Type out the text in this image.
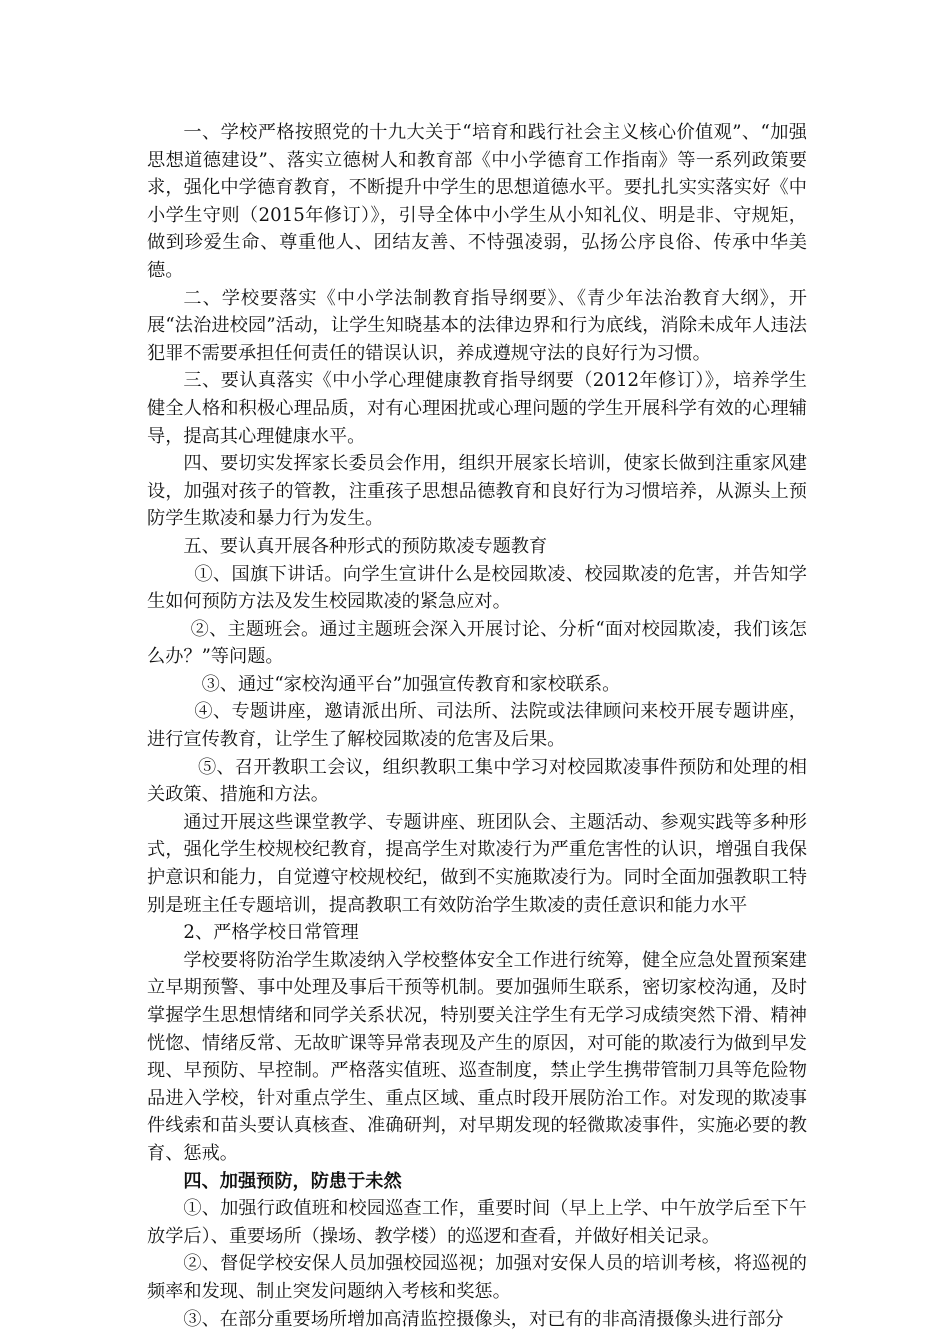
一、学校严格按照党的十九大关于“培育和践行社会主义核心价值观”、“加强思想道德建设”、落实立德树人和教育部《中小学德育工作指南》等一系列政策要求，强化中学德育教育，不断提升中学生的思想道德水平。要扎扎实实落实好《中小学生守则（2015年修订）》，引导全体中小学生从小知礼仪、明是非、守规矩，做到珍爱生命、尊重他人、团结友善、不恃强凌弱，弘扬公序良俗、传承中华美德。

二、学校要落实《中小学法制教育指导纲要》、《青少年法治教育大纲》，开展“法治进校园”活动，让学生知晓基本的法律边界和行为底线，消除未成年人违法犯罪不需要承担任何责任的错误认识，养成遵规守法的良好行为习惯。

三、要认真落实《中小学心理健康教育指导纲要（2012年修订）》，培养学生健全人格和积极心理品质，对有心理困扰或心理问题的学生开展科学有效的心理辅导，提高其心理健康水平。

四、要切实发挥家长委员会作用，组织开展家长培训，使家长做到注重家风建设，加强对孩子的管教，注重孩子思想品德教育和良好行为习惯培养，从源头上预防学生欺凌和暴力行为发生。

五、要认真开展各种形式的预防欺凌专题教育

①、国旗下讲话。向学生宣讲什么是校园欺凌、校园欺凌的危害，并告知学生如何预防方法及发生校园欺凌的紧急应对。

②、主题班会。通过主题班会深入开展讨论、分析“面对校园欺凌，我们该怎么办？”等问题。

③、通过“家校沟通平台”加强宣传教育和家校联系。

④、专题讲座，邀请派出所、司法所、法院或法律顾问来校开展专题讲座，进行宣传教育，让学生了解校园欺凌的危害及后果。

⑤、召开教职工会议，组织教职工集中学习对校园欺凌事件预防和处理的相关政策、措施和方法。

通过开展这些课堂教学、专题讲座、班团队会、主题活动、参观实践等多种形式，强化学生校规校纪教育，提高学生对欺凌行为严重危害性的认识，增强自我保护意识和能力，自觉遵守校规校纪，做到不实施欺凌行为。同时全面加强教职工特别是班主任专题培训，提高教职工有效防治学生欺凌的责任意识和能力水平

2、严格学校日常管理

学校要将防治学生欺凌纳入学校整体安全工作进行统筹，健全应急处置预案建立早期预警、事中处理及事后干预等机制。要加强师生联系，密切家校沟通，及时掌握学生思想情绪和同学关系状况，特别要关注学生有无学习成绩突然下滑、精神恍惚、情绪反常、无故旷课等异常表现及产生的原因，对可能的欺凌行为做到早发现、早预防、早控制。严格落实值班、巡查制度，禁止学生携带管制刀具等危险物品进入学校，针对重点学生、重点区域、重点时段开展防治工作。对发现的欺凌事件线索和苗头要认真核查、准确研判，对早期发现的轻微欺凌事件，实施必要的教育、惩戒。

四、加强预防，防患于未然

①、加强行政值班和校园巡查工作，重要时间（早上上学、中午放学后至下午放学后）、重要场所（操场、教学楼）的巡逻和查看，并做好相关记录。

②、督促学校安保人员加强校园巡视；加强对安保人员的培训考核，将巡视的频率和发现、制止突发问题纳入考核和奖惩。

③、在部分重要场所增加高清监控摄像头，对已有的非高清摄像头进行部分
